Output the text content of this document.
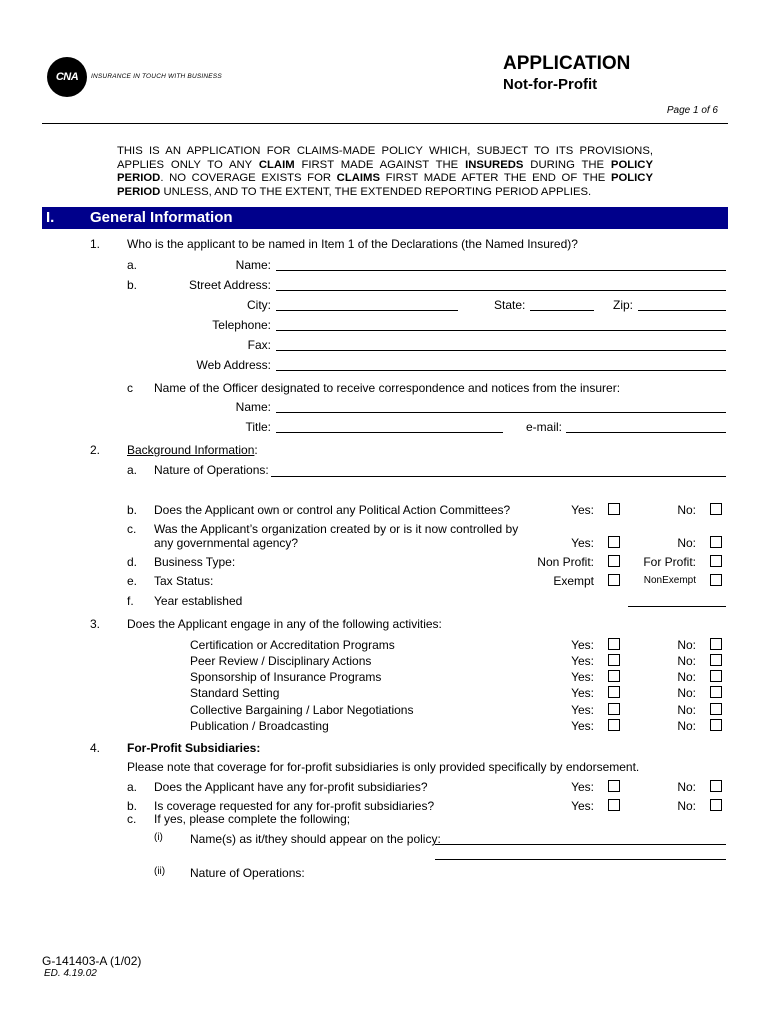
CNA INSURANCE IN TOUCH WITH BUSINESS
APPLICATION
Not-for-Profit
Page 1 of 6
THIS IS AN APPLICATION FOR CLAIMS-MADE POLICY WHICH, SUBJECT TO ITS PROVISIONS, APPLIES ONLY TO ANY CLAIM FIRST MADE AGAINST THE INSUREDS DURING THE POLICY PERIOD. NO COVERAGE EXISTS FOR CLAIMS FIRST MADE AFTER THE END OF THE POLICY PERIOD UNLESS, AND TO THE EXTENT, THE EXTENDED REPORTING PERIOD APPLIES.
I. General Information
1. Who is the applicant to be named in Item 1 of the Declarations (the Named Insured)?
a.	Name:
b.	Street Address:
City:	State:	Zip:
Telephone:
Fax:
Web Address:
c Name of the Officer designated to receive correspondence and notices from the insurer:
Name:
Title:	e-mail:
2. Background Information:
a. Nature of Operations:
b. Does the Applicant own or control any Political Action Committees?	Yes:	No:
c. Was the Applicant’s organization created by or is it now controlled by
any governmental agency?	Yes:	No:
d. Business Type:	Non Profit:	For Profit:
e. Tax Status:	Exempt	NonExempt
f. Year established
3. Does the Applicant engage in any of the following activities:
Certification or Accreditation Programs	Yes:	No:
Peer Review / Disciplinary Actions	Yes:	No:
Sponsorship of Insurance Programs	Yes:	No:
Standard Setting	Yes:	No:
Collective Bargaining / Labor Negotiations	Yes:	No:
Publication / Broadcasting	Yes:	No:
4. For-Profit Subsidiaries:
Please note that coverage for for-profit subsidiaries is only provided specifically by endorsement.
a. Does the Applicant have any for-profit subsidiaries?	Yes:	No:
b. Is coverage requested for any for-profit subsidiaries?	Yes:	No:
c. If yes, please complete the following;
(i) Name(s) as it/they should appear on the policy:
(ii) Nature of Operations:
G-141403-A (1/02)
ED. 4.19.02
